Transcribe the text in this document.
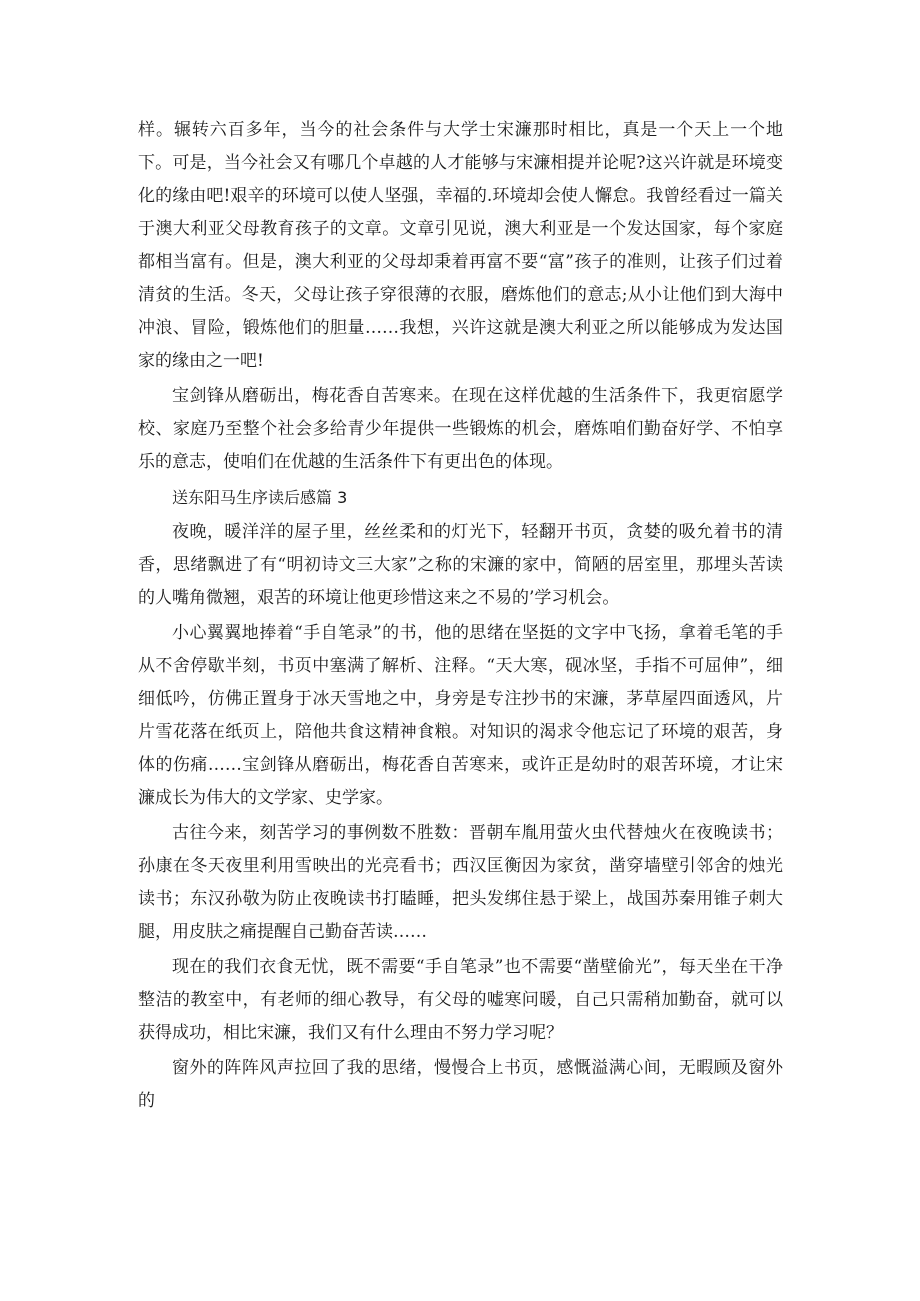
样。辗转六百多年，当今的社会条件与大学士宋濂那时相比，真是一个天上一个地下。可是，当今社会又有哪几个卓越的人才能够与宋濂相提并论呢?这兴许就是环境变化的缘由吧!艰辛的环境可以使人坚强，幸福的.环境却会使人懈怠。我曾经看过一篇关于澳大利亚父母教育孩子的文章。文章引见说，澳大利亚是一个发达国家，每个家庭都相当富有。但是，澳大利亚的父母却秉着再富不要“富”孩子的准则，让孩子们过着清贫的生活。冬天，父母让孩子穿很薄的衣服，磨炼他们的意志;从小让他们到大海中冲浪、冒险，锻炼他们的胆量……我想，兴许这就是澳大利亚之所以能够成为发达国家的缘由之一吧!

宝剑锋从磨砺出，梅花香自苦寒来。在现在这样优越的生活条件下，我更宿愿学校、家庭乃至整个社会多给青少年提供一些锻炼的机会，磨炼咱们勤奋好学、不怕享乐的意志，使咱们在优越的生活条件下有更出色的体现。

送东阳马生序读后感篇 3

夜晚，暖洋洋的屋子里，丝丝柔和的灯光下，轻翻开书页，贪婪的吸允着书的清香，思绪飘进了有“明初诗文三大家”之称的宋濂的家中，简陋的居室里，那埋头苦读的人嘴角微翘，艰苦的环境让他更珍惜这来之不易的’学习机会。

小心翼翼地捧着“手自笔录”的书，他的思绪在坚挺的文字中飞扬，拿着毛笔的手从不舍停歇半刻，书页中塞满了解析、注释。“天大寒，砚冰坚，手指不可屈伸”，细细低吟，仿佛正置身于冰天雪地之中，身旁是专注抄书的宋濂，茅草屋四面透风，片片雪花落在纸页上，陪他共食这精神食粮。对知识的渴求令他忘记了环境的艰苦，身体的伤痛……宝剑锋从磨砺出，梅花香自苦寒来，或许正是幼时的艰苦环境，才让宋濂成长为伟大的文学家、史学家。

古往今来，刻苦学习的事例数不胜数：晋朝车胤用萤火虫代替烛火在夜晚读书；孙康在冬天夜里利用雪映出的光亮看书；西汉匡衡因为家贫，凿穿墙壁引邻舍的烛光读书；东汉孙敬为防止夜晚读书打瞌睡，把头发绑住悬于梁上，战国苏秦用锥子刺大腿，用皮肤之痛提醒自己勤奋苦读……

现在的我们衣食无忧，既不需要“手自笔录”也不需要“凿壁偷光”，每天坐在干净整洁的教室中，有老师的细心教导，有父母的嘘寒问暖，自己只需稍加勤奋，就可以获得成功，相比宋濂，我们又有什么理由不努力学习呢？

窗外的阵阵风声拉回了我的思绪，慢慢合上书页，感慨溢满心间，无暇顾及窗外的
